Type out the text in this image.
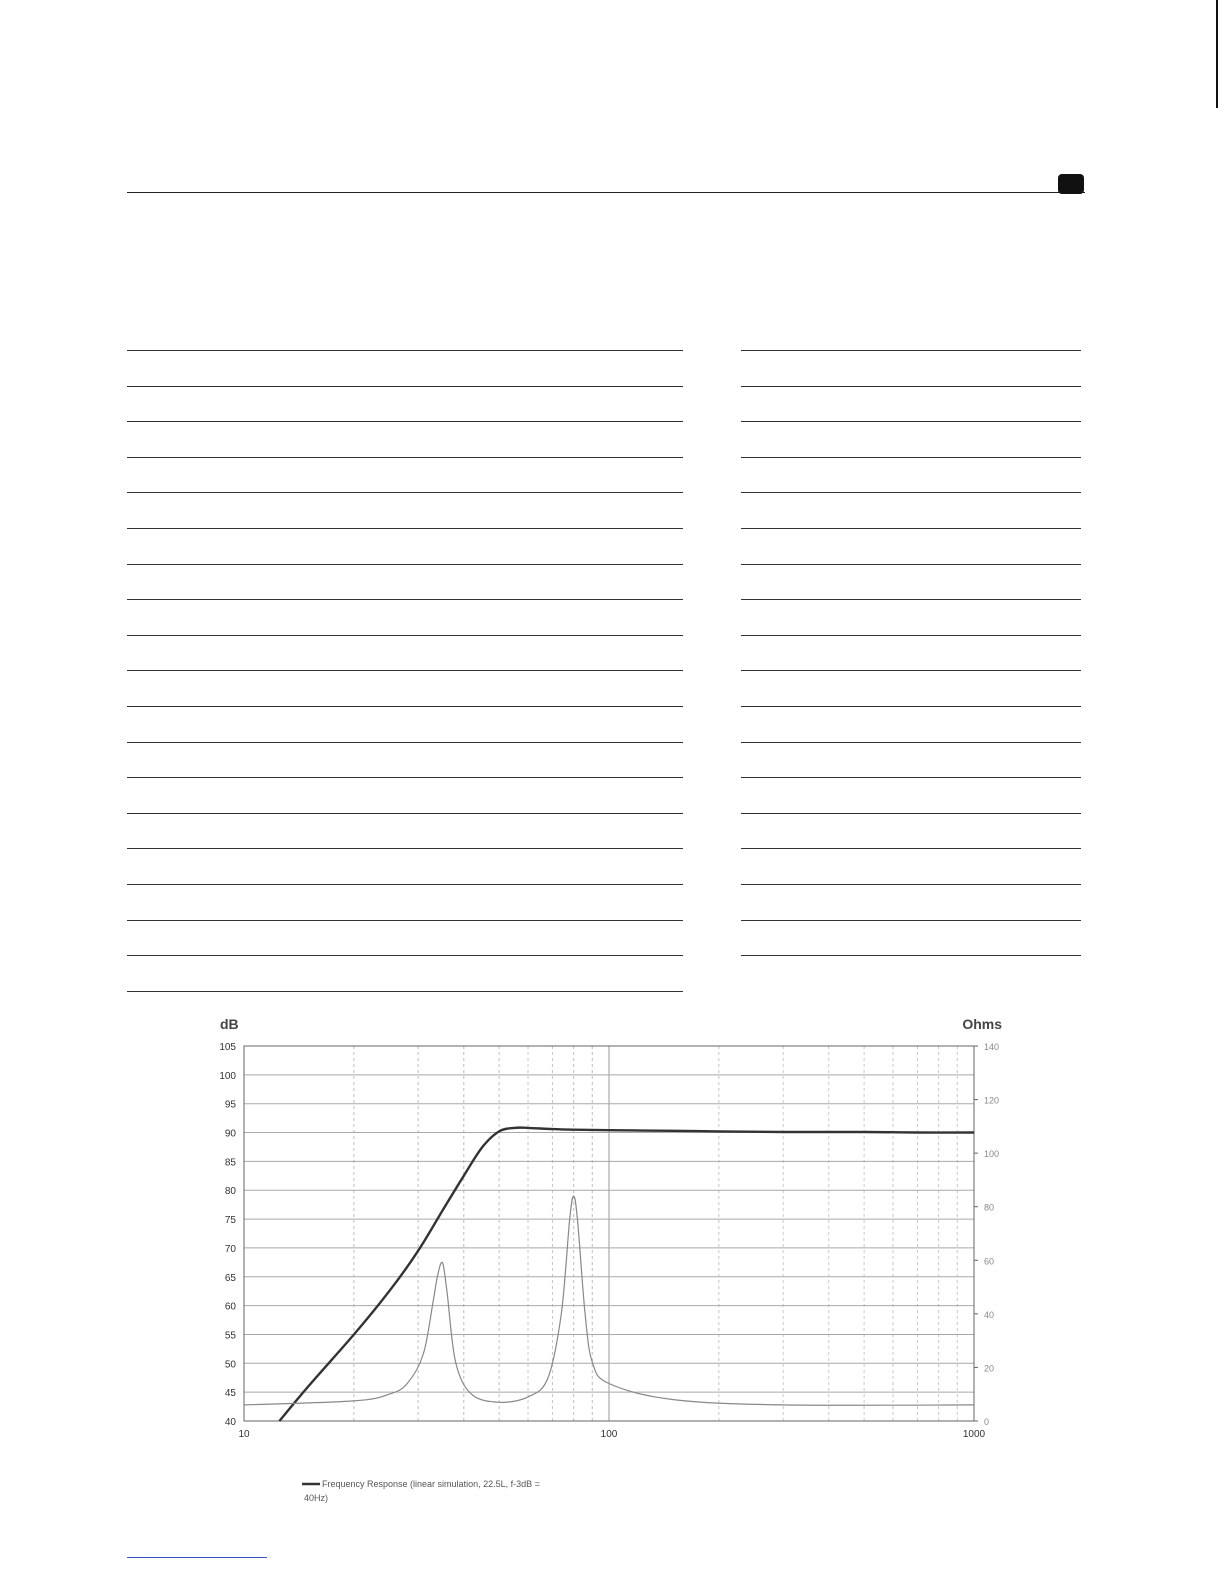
105
100
95
90
85
80
75
70
65
60
55
50
45
40
140
120
100
80
60
40
20
0
10	100	1000
dB	Ohms
Frequency Response (linear simulation, 22.5L, f-3dB =
40Hz)
